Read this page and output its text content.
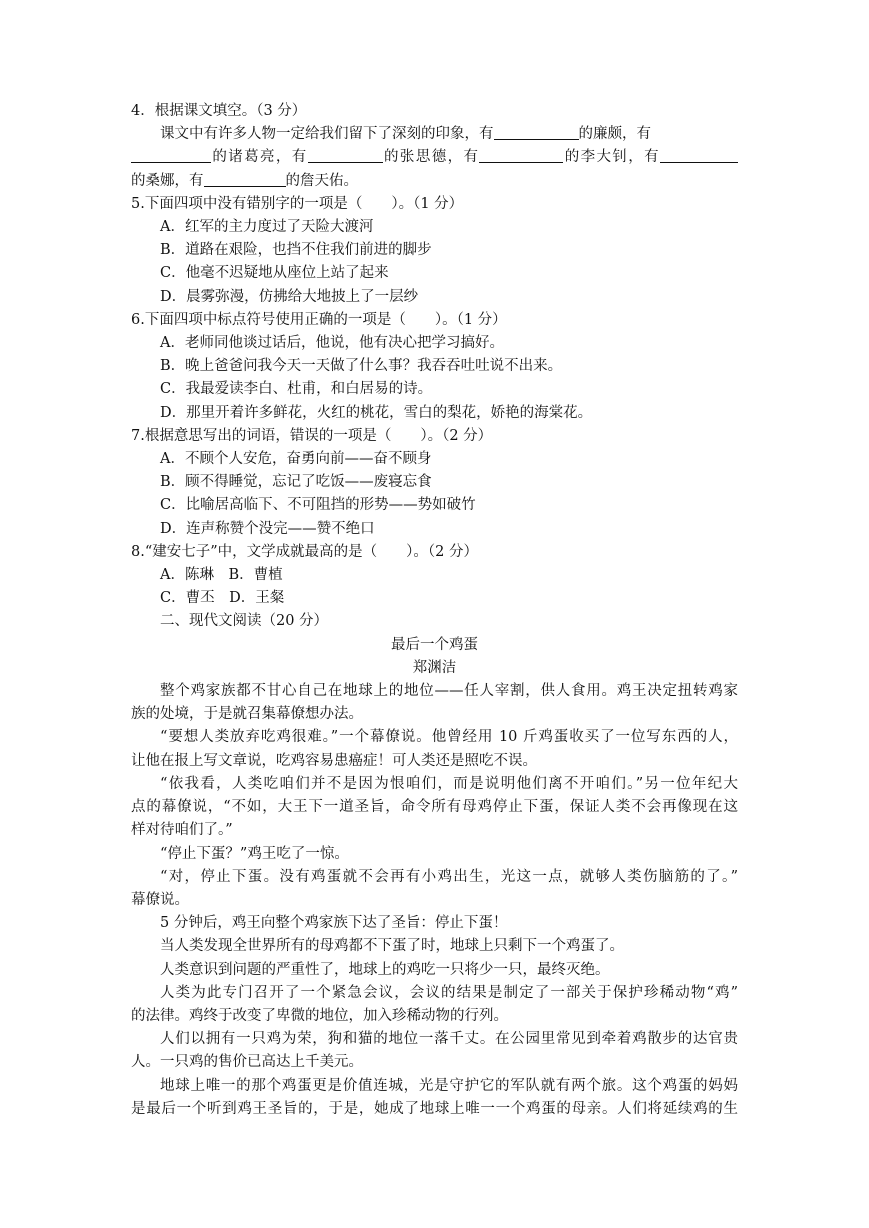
4．根据课文填空。（3 分）
课文中有许多人物一定给我们留下了深刻的印象，有	的廉颇，有
的诸葛亮，有	的张思德，有	的李大钊，有
的桑娜，有	的詹天佑。
5.下面四项中没有错别字的一项是（　　）。（1 分）
A．红军的主力度过了天险大渡河
B．道路在艰险，也挡不住我们前进的脚步
C．他毫不迟疑地从座位上站了起来
D．晨雾弥漫，仿拂给大地披上了一层纱
6.下面四项中标点符号使用正确的一项是（　　）。（1 分）
A．老师同他谈过话后，他说，他有决心把学习搞好。
B．晚上爸爸问我今天一天做了什么事？我吞吞吐吐说不出来。
C．我最爱读李白、杜甫，和白居易的诗。
D．那里开着许多鲜花，火红的桃花，雪白的梨花，娇艳的海棠花。
7.根据意思写出的词语，错误的一项是（　　）。（2 分）
A．不顾个人安危，奋勇向前——奋不顾身
B．顾不得睡觉，忘记了吃饭——废寝忘食
C．比喻居高临下、不可阻挡的形势——势如破竹
D．连声称赞个没完——赞不绝口
8.“建安七子”中，文学成就最高的是（　　）。（2 分）
A．陈琳　B．曹植
C．曹丕　D．王粲
二、现代文阅读（20 分）
最后一个鸡蛋
郑渊洁
整个鸡家族都不甘心自己在地球上的地位——任人宰割，供人食用。鸡王决定扭转鸡家
族的处境，于是就召集幕僚想办法。
“要想人类放弃吃鸡很难。”一个幕僚说。他曾经用 10 斤鸡蛋收买了一位写东西的人，
让他在报上写文章说，吃鸡容易患癌症！可人类还是照吃不误。
“依我看，人类吃咱们并不是因为恨咱们，而是说明他们离不开咱们。”另一位年纪大
点的幕僚说，“不如，大王下一道圣旨，命令所有母鸡停止下蛋，保证人类不会再像现在这
样对待咱们了。”
“停止下蛋？”鸡王吃了一惊。
“对，停止下蛋。没有鸡蛋就不会再有小鸡出生，光这一点，就够人类伤脑筋的了。”
幕僚说。
5 分钟后，鸡王向整个鸡家族下达了圣旨：停止下蛋！
当人类发现全世界所有的母鸡都不下蛋了时，地球上只剩下一个鸡蛋了。
人类意识到问题的严重性了，地球上的鸡吃一只将少一只，最终灭绝。
人类为此专门召开了一个紧急会议，会议的结果是制定了一部关于保护珍稀动物“鸡”
的法律。鸡终于改变了卑微的地位，加入珍稀动物的行列。
人们以拥有一只鸡为荣，狗和猫的地位一落千丈。在公园里常见到牵着鸡散步的达官贵
人。一只鸡的售价已高达上千美元。
地球上唯一的那个鸡蛋更是价值连城，光是守护它的军队就有两个旅。这个鸡蛋的妈妈
是最后一个听到鸡王圣旨的，于是，她成了地球上唯一一个鸡蛋的母亲。人们将延续鸡的生
